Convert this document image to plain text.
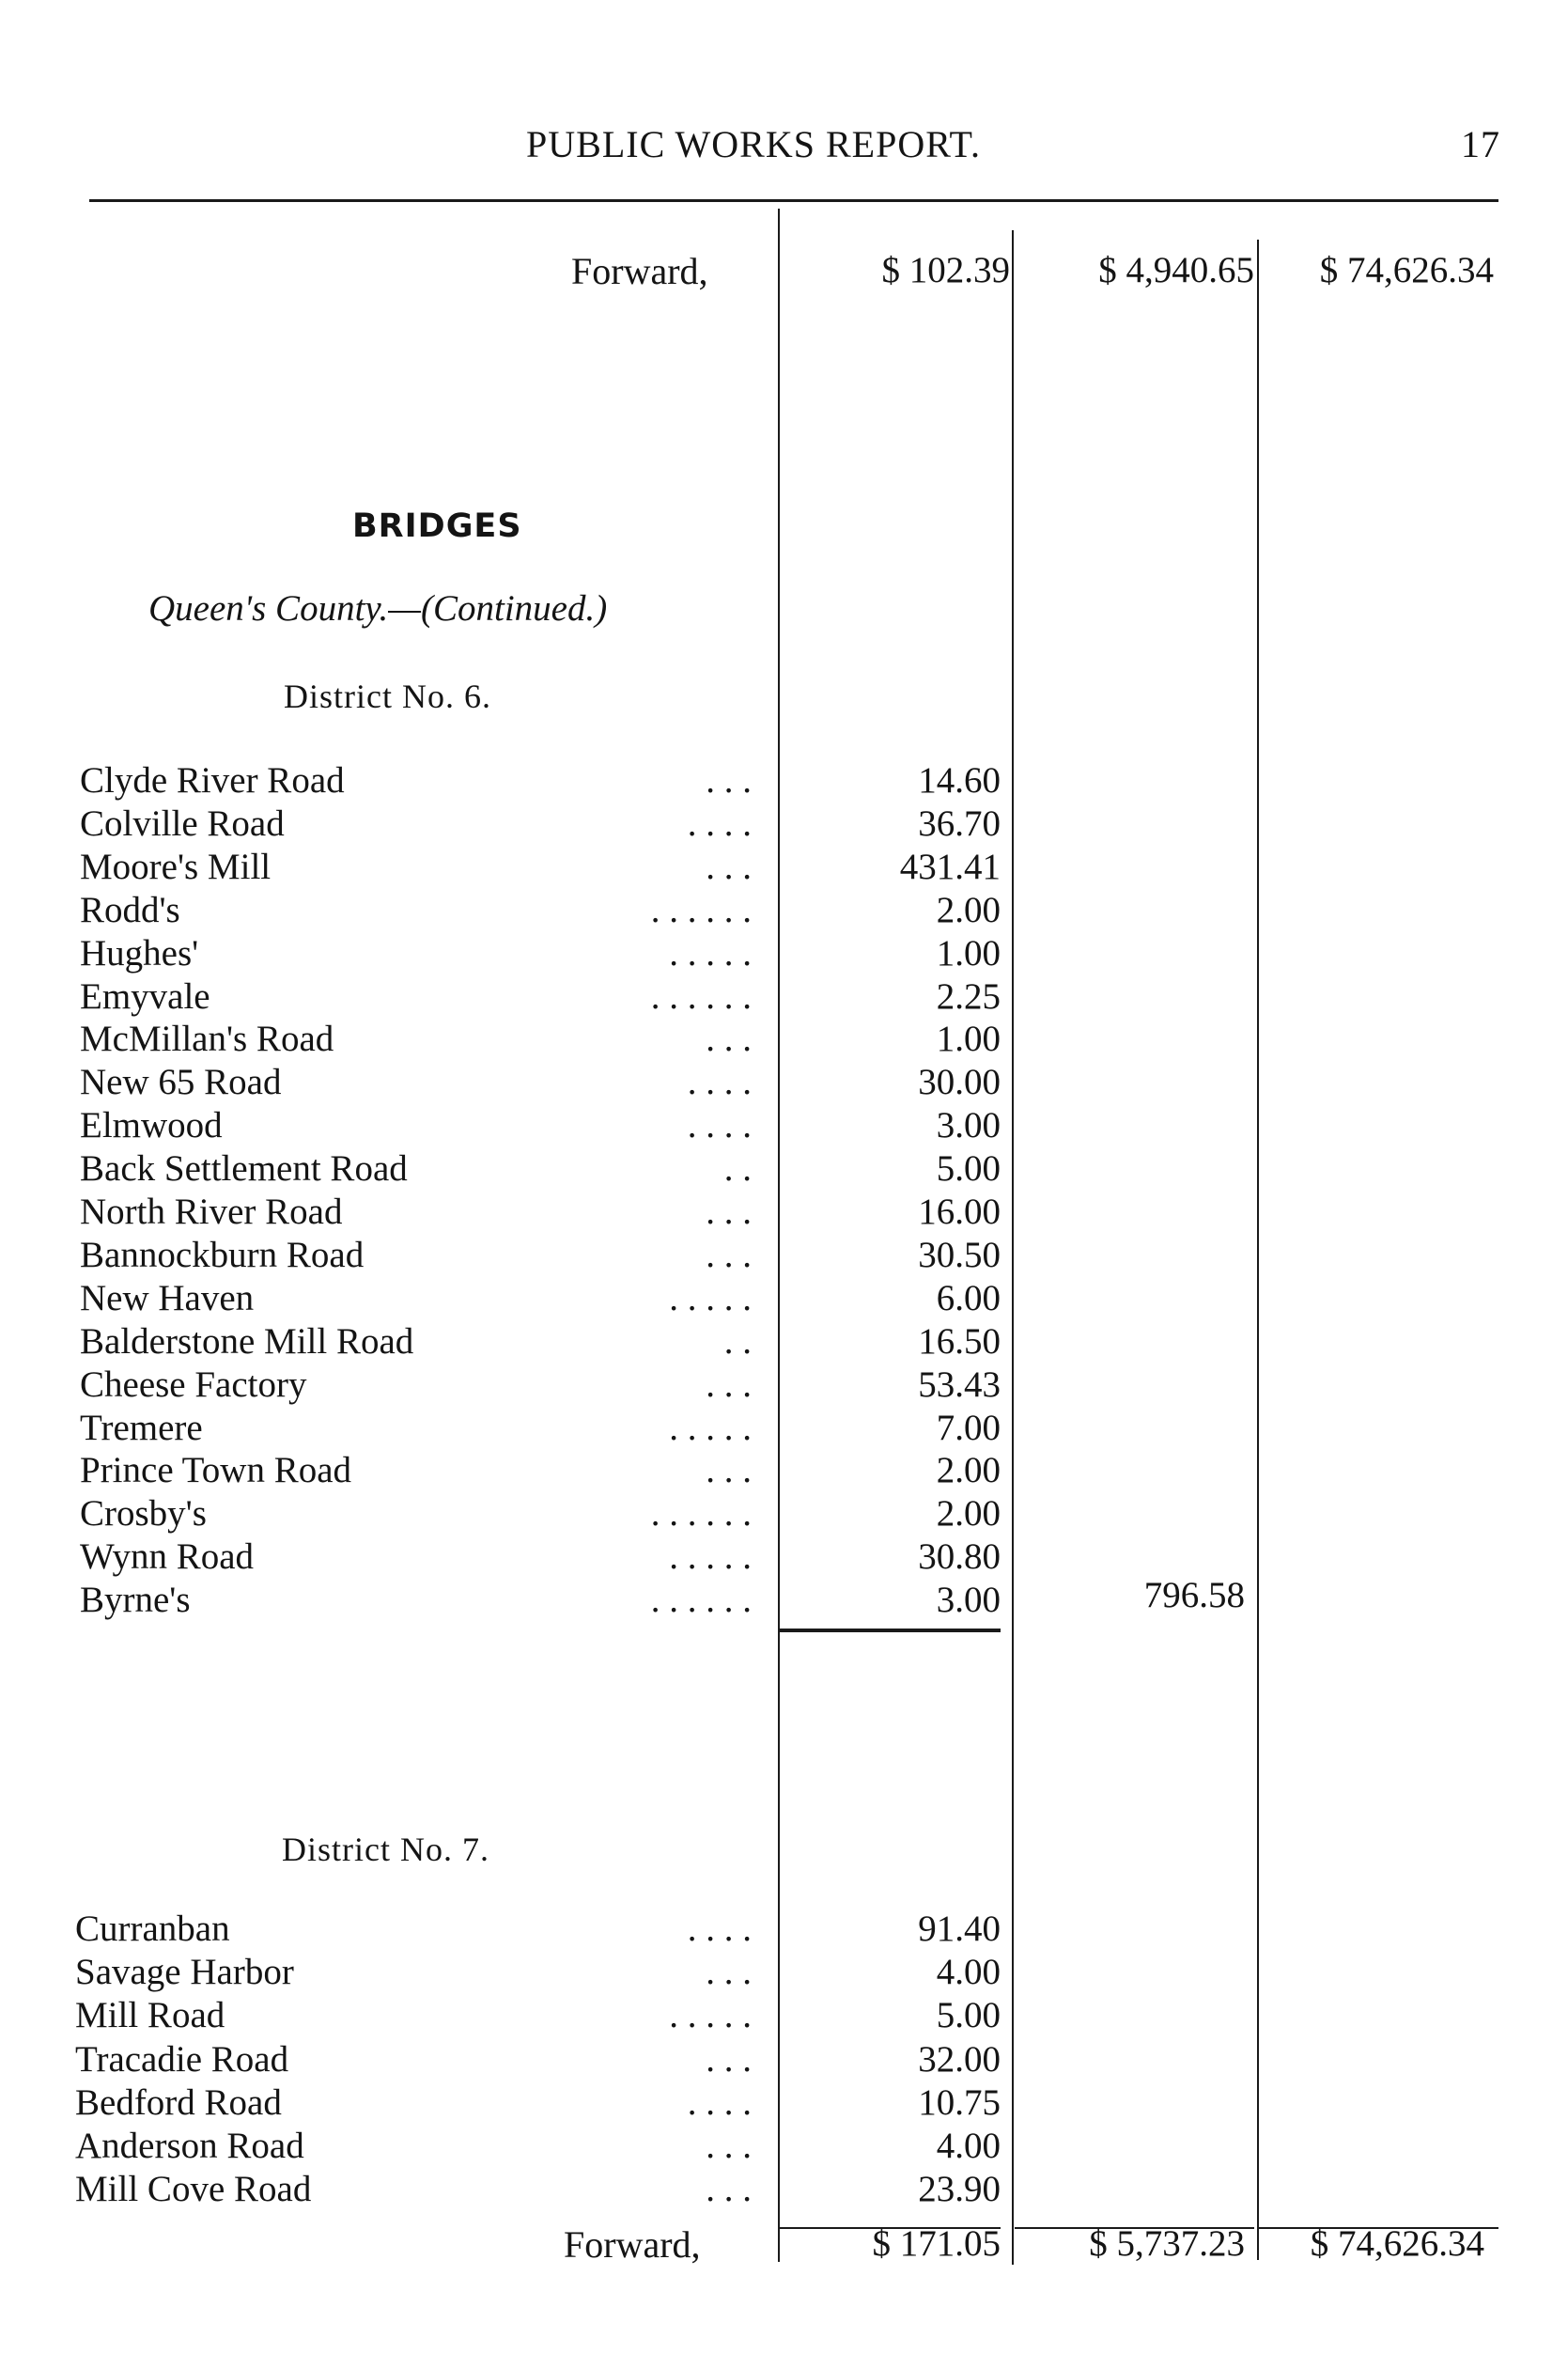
PUBLIC WORKS REPORT.	17
Forward,	$ 102.39	$ 4,940.65	$ 74,626.34
BRIDGES
Queen's County.—(Continued.)
District No. 6.
Clyde River Road	. . .	14.60
Colville Road	. . . .	36.70
Moore's Mill	. . .	431.41
Rodd's	. . . . . .	2.00
Hughes'	. . . . .	1.00
Emyvale	. . . . . .	2.25
McMillan's Road	. . .	1.00
New 65 Road	. . . .	30.00
Elmwood	. . . .	3.00
Back Settlement Road	. .	5.00
North River Road	. . .	16.00
Bannockburn Road	. . .	30.50
New Haven	. . . . .	6.00
Balderstone Mill Road	. .	16.50
Cheese Factory	. . .	53.43
Tremere	. . . . .	7.00
Prince Town Road	. . .	2.00
Crosby's	. . . . . .	2.00
Wynn Road	. . . . .	30.80
Byrne's	. . . . . .	3.00	796.58
District No. 7.
Curranban	. . . .	91.40
Savage Harbor	. . .	4.00
Mill Road	. . . . .	5.00
Tracadie Road	. . .	32.00
Bedford Road	. . . .	10.75
Anderson Road	. . .	4.00
Mill Cove Road	. . .	23.90
Forward,	$ 171.05	$ 5,737.23	$ 74,626.34
